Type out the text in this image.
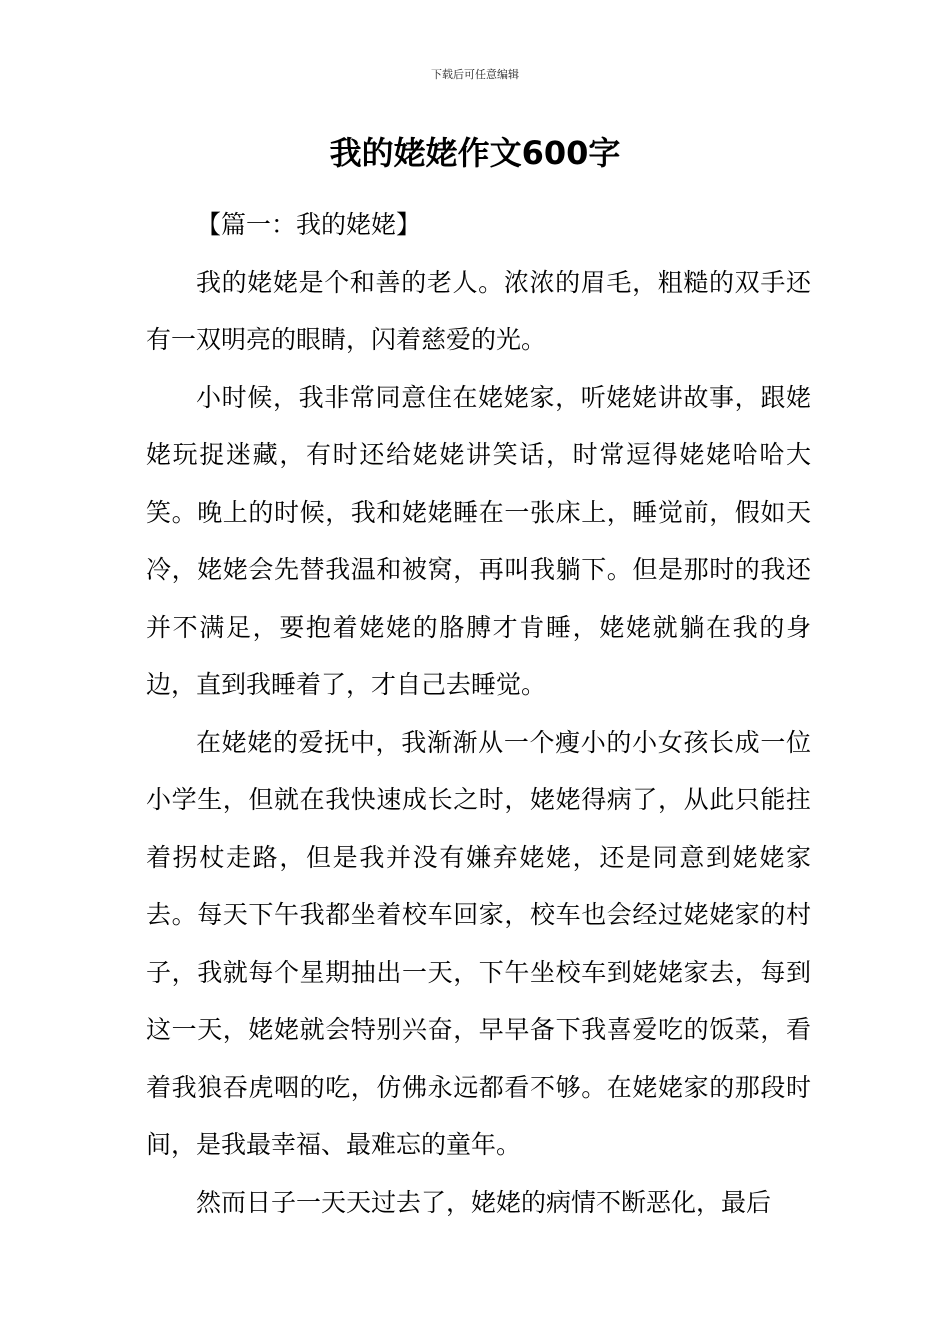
下载后可任意编辑
我的姥姥作文600字

【篇一：我的姥姥】

我的姥姥是个和善的老人。浓浓的眉毛，粗糙的双手还有一双明亮的眼睛，闪着慈爱的光。

小时候，我非常同意住在姥姥家，听姥姥讲故事，跟姥姥玩捉迷藏，有时还给姥姥讲笑话，时常逗得姥姥哈哈大笑。晚上的时候，我和姥姥睡在一张床上，睡觉前，假如天冷，姥姥会先替我温和被窝，再叫我躺下。但是那时的我还并不满足，要抱着姥姥的胳膊才肯睡，姥姥就躺在我的身边，直到我睡着了，才自己去睡觉。

在姥姥的爱抚中，我渐渐从一个瘦小的小女孩长成一位小学生，但就在我快速成长之时，姥姥得病了，从此只能拄着拐杖走路，但是我并没有嫌弃姥姥，还是同意到姥姥家去。每天下午我都坐着校车回家，校车也会经过姥姥家的村子，我就每个星期抽出一天，下午坐校车到姥姥家去，每到这一天，姥姥就会特别兴奋，早早备下我喜爱吃的饭菜，看着我狼吞虎咽的吃，仿佛永远都看不够。在姥姥家的那段时间，是我最幸福、最难忘的童年。

然而日子一天天过去了，姥姥的病情不断恶化，最后
